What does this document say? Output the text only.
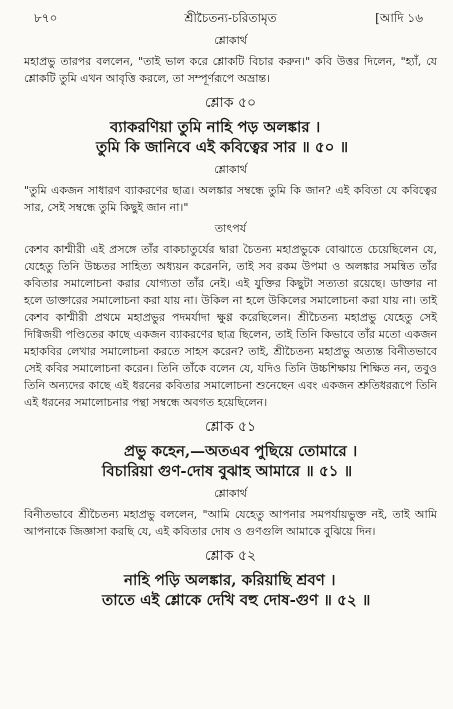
৮৭০	শ্রীচৈতন্য-চরিতামৃত	[আদি ১৬
শ্লোকার্থ

মহাপ্রভু তারপর বললেন, "তাই ভাল করে শ্লোকটি বিচার করুন।" কবি উত্তর দিলেন, "হ্যাঁ, যে শ্লোকটি তুমি এখন আবৃত্তি করলে, তা সম্পূর্ণরূপে অভ্রান্ত।

শ্লোক ৫০
ব্যাকরণিয়া তুমি নাহি পড় অলঙ্কার ।
তুমি কি জানিবে এই কবিত্বের সার ॥ ৫০ ॥
শ্লোকার্থ

"তুমি একজন সাধারণ ব্যাকরণের ছাত্র। অলঙ্কার সম্বন্ধে তুমি কি জান? এই কবিতা যে কবিত্বের সার, সেই সম্বন্ধে তুমি কিছুই জান না।"

তাৎপর্য

কেশব কাশ্মীরী এই প্রসঙ্গে তাঁর বাকচাতুর্যের দ্বারা চৈতন্য মহাপ্রভুকে বোঝাতে চেয়েছিলেন যে, যেহেতু তিনি উচ্চতর সাহিত্য অধ্যয়ন করেননি, তাই সব রকম উপমা ও অলঙ্কার সমন্বিত তাঁর কবিতার সমালোচনা করার যোগ্যতা তাঁর নেই। এই যুক্তির কিছুটা সত্যতা রয়েছে। ডাক্তার না হলে ডাক্তারের সমালোচনা করা যায় না। উকিল না হলে উকিলের সমালোচনা করা যায় না। তাই কেশব কাশ্মীরী প্রথমে মহাপ্রভুর পদমর্যাদা ক্ষুণ্ণ করেছিলেন। শ্রীচৈতন্য মহাপ্রভু যেহেতু সেই দিগ্বিজয়ী পণ্ডিতের কাছে একজন ব্যাকরণের ছাত্র ছিলেন, তাই তিনি কিভাবে তাঁর মতো একজন মহাকবির লেখার সমালোচনা করতে সাহস করেন? তাই, শ্রীচৈতন্য মহাপ্রভু অত্যন্ত বিনীতভাবে সেই কবির সমালোচনা করেন। তিনি তাঁকে বলেন যে, যদিও তিনি উচ্চশিক্ষায় শিক্ষিত নন, তবুও তিনি অন্যদের কাছে এই ধরনের কবিতার সমালোচনা শুনেছেন এবং একজন শ্রুতিধররূপে তিনি এই ধরনের সমালোচনার পন্থা সম্বন্ধে অবগত হয়েছিলেন।

শ্লোক ৫১
প্রভু কহেন,—অতএব পুছিয়ে তোমারে ।
বিচারিয়া গুণ-দোষ বুঝাহ আমারে ॥ ৫১ ॥
শ্লোকার্থ

বিনীতভাবে শ্রীচৈতন্য মহাপ্রভু বললেন, "আমি যেহেতু আপনার সমপর্যায়ভুক্ত নই, তাই আমি আপনাকে জিজ্ঞাসা করছি যে, এই কবিতার দোষ ও গুণগুলি আমাকে বুঝিয়ে দিন।

শ্লোক ৫২
নাহি পড়ি অলঙ্কার, করিয়াছি শ্রবণ ।
তাতে এই শ্লোকে দেখি বহু দোষ-গুণ ॥ ৫২ ॥
